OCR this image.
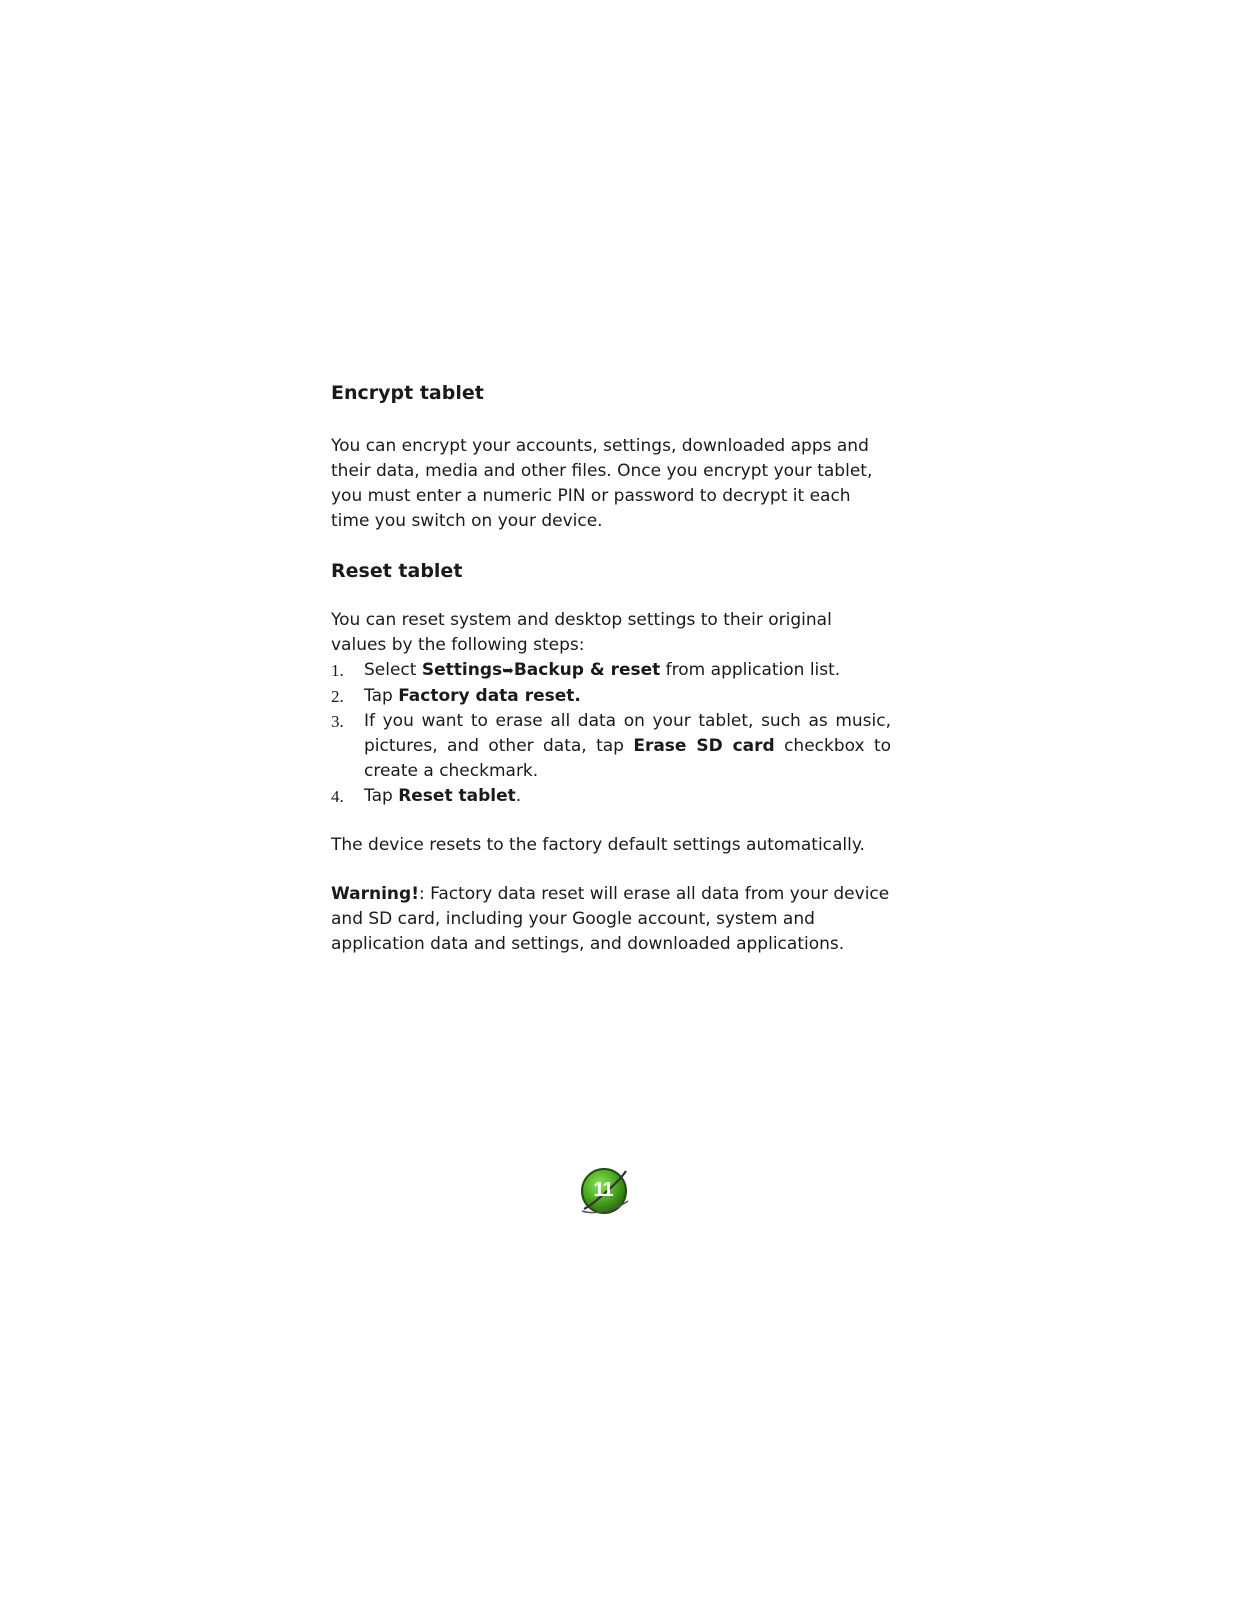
Encrypt tablet

You can encrypt your accounts, settings, downloaded apps and their data, media and other files. Once you encrypt your tablet, you must enter a numeric PIN or password to decrypt it each time you switch on your device.

Reset tablet

You can reset system and desktop settings to their original values by the following steps:

1. Select Settings➥Backup & reset from application list.
2. Tap Factory data reset.
3. If you want to erase all data on your tablet, such as music, pictures, and other data, tap Erase SD card checkbox to create a checkmark.
4. Tap Reset tablet.

The device resets to the factory default settings automatically.

Warning!: Factory data reset will erase all data from your device and SD card, including your Google account, system and application data and settings, and downloaded applications.

11
